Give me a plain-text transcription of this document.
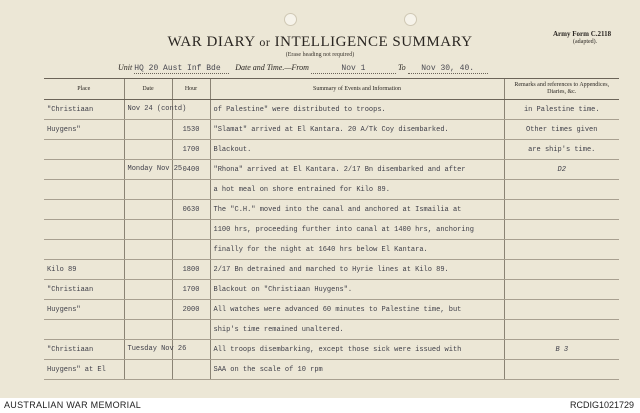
WAR DIARY or INTELLIGENCE SUMMARY
(Erase heading not required)
Army Form C.2118
(adapted).
Unit HQ 20 Aust Inf Bde Date and Time.—From	Nov 1	To Nov 30, 40.
Place	Date	Hour	Summary of Events and Information	Remarks and references to Appendices, Diaries, &c.
"Christiaan	Nov 24 (contd)		of Palestine" were distributed to troops.	in Palestine time.
Huygens"		1530	"Slamat" arrived at El Kantara. 20 A/Tk Coy disembarked.	Other times given
		1700	Blackout.	are ship's time.
	Monday Nov 25	0400	"Rhona" arrived at El Kantara. 2/17 Bn disembarked and after	D2
			a hot meal on shore entrained for Kilo 89.	
		0630	The "C.H." moved into the canal and anchored at Ismailia at	
			1100 hrs, proceeding further into canal at 1400 hrs, anchoring	
			finally for the night at 1640 hrs below El Kantara.	
Kilo 89		1800	2/17 Bn detrained and marched to Hyrie lines at Kilo 89.	
"Christiaan		1700	Blackout on "Christiaan Huygens".	
Huygens"		2000	All watches were advanced 60 minutes to Palestine time, but	
			ship's time remained unaltered.	
"Christiaan	Tuesday Nov 26		All troops disembarking, except those sick were issued with	B 3
Huygens" at El			SAA on the scale of 10 rpm	
AUSTRALIAN WAR MEMORIAL	RCDIG1021729
